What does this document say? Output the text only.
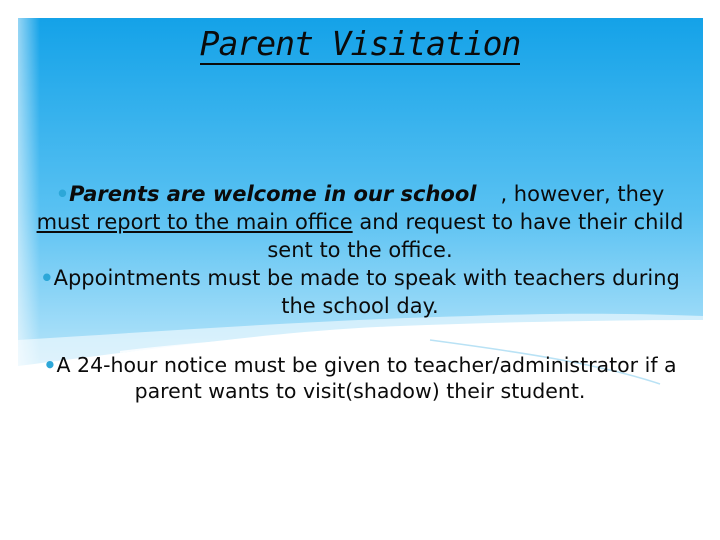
Parent Visitation
•Parents are welcome in our school , however, they
must report to the main office and request to have their child sent to the office.
•Appointments must be made to speak with teachers during the school day.
•A 24-hour notice must be given to teacher/administrator if a parent wants to visit(shadow) their student.
